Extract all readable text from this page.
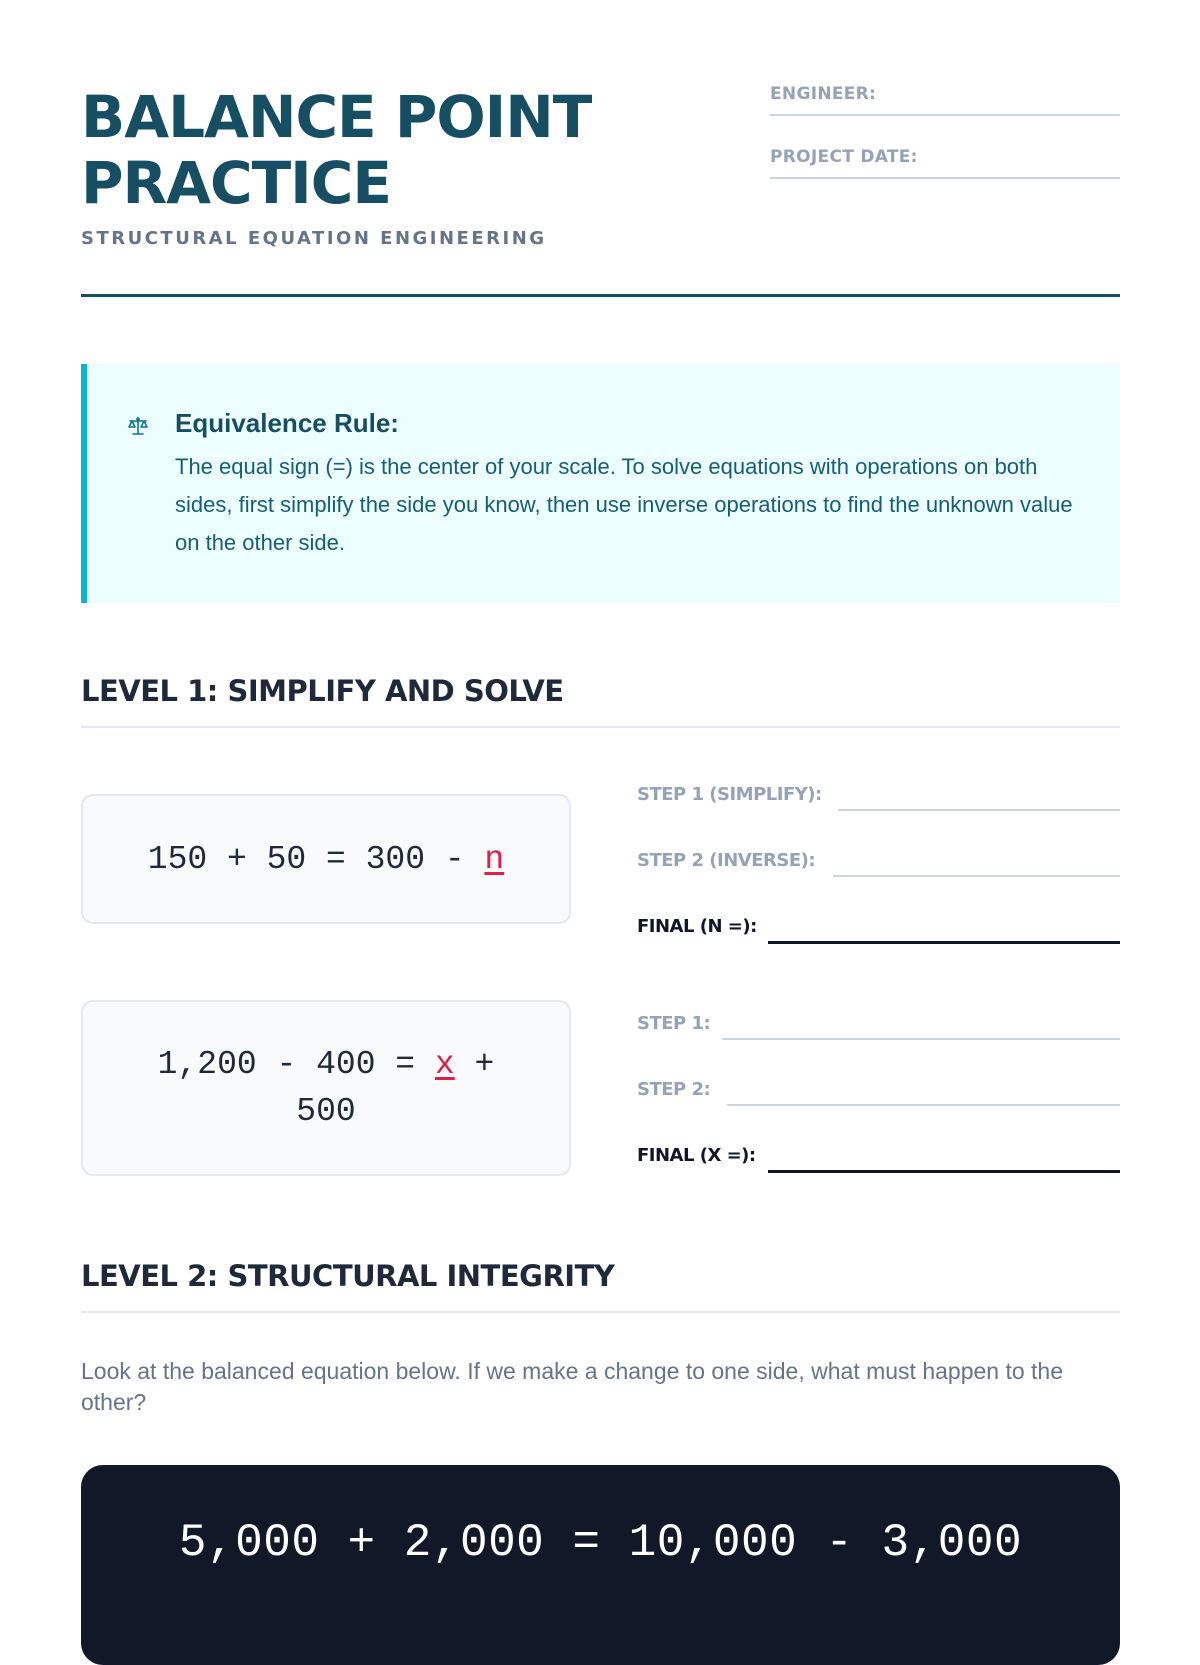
BALANCE POINT PRACTICE
STRUCTURAL EQUATION ENGINEERING
ENGINEER:
PROJECT DATE:
Equivalence Rule:

The equal sign (=) is the center of your scale. To solve equations with operations on both sides, first simplify the side you know, then use inverse operations to find the unknown value on the other side.

LEVEL 1: SIMPLIFY AND SOLVE
150 + 50 = 300 - n
STEP 1 (SIMPLIFY):
STEP 2 (INVERSE):
FINAL (N =):
1,200 - 400 = x + 500
STEP 1:
STEP 2:
FINAL (X =):
LEVEL 2: STRUCTURAL INTEGRITY

Look at the balanced equation below. If we make a change to one side, what must happen to the other?

5,000 + 2,000 = 10,000 - 3,000
